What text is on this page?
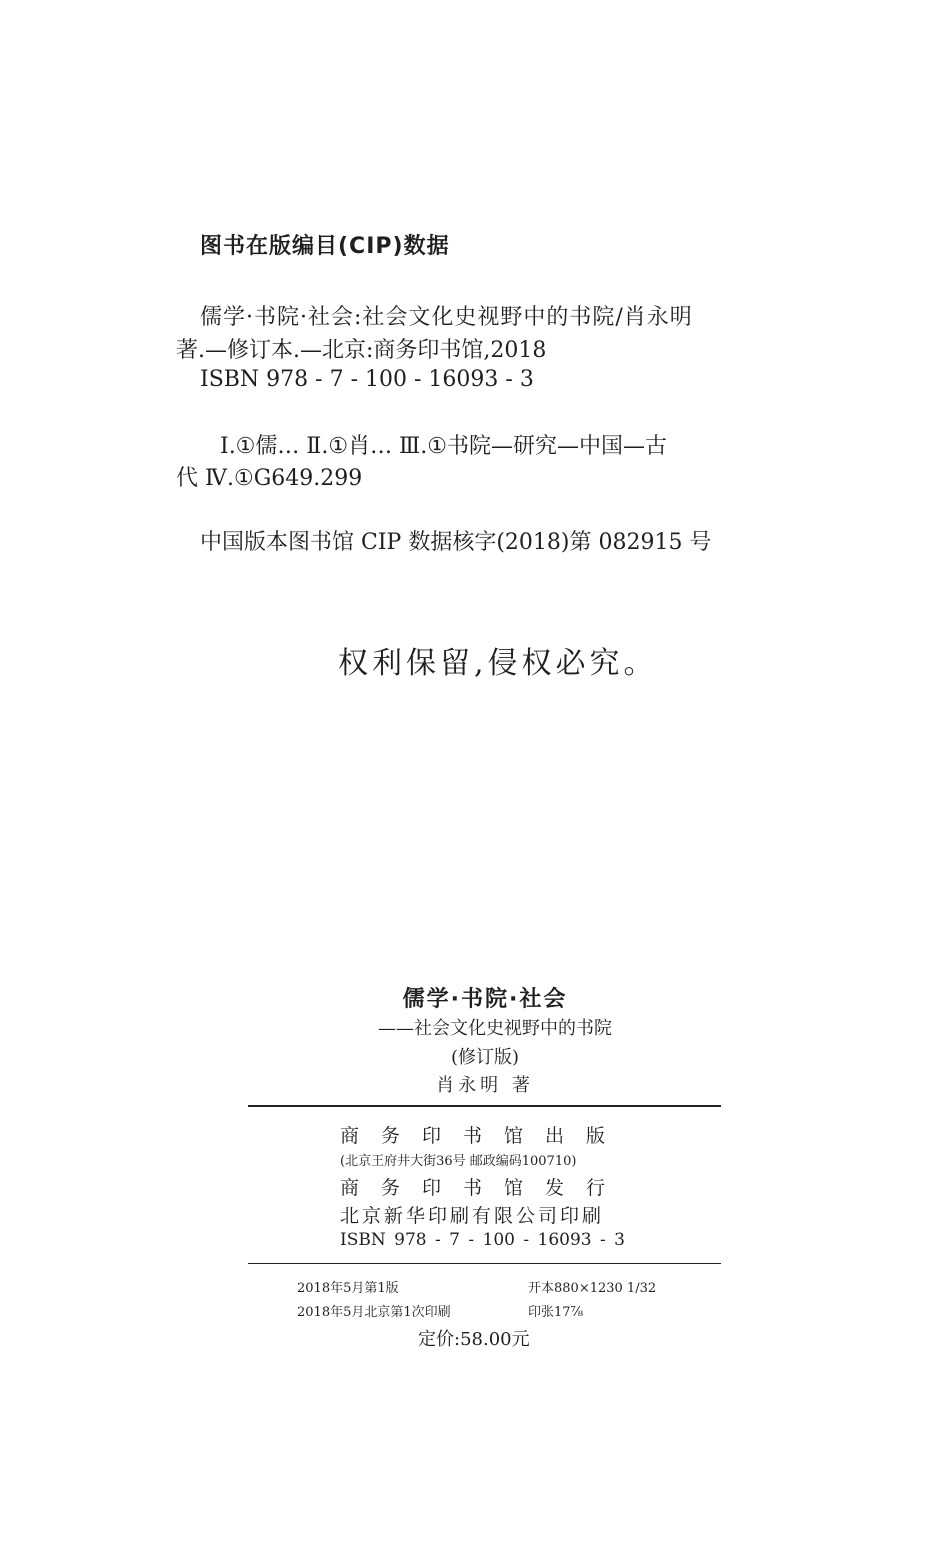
图书在版编目(CIP)数据
儒学·书院·社会:社会文化史视野中的书院/肖永明
著.—修订本.—北京:商务印书馆,2018
ISBN 978 - 7 - 100 - 16093 - 3
Ⅰ.①儒… Ⅱ.①肖… Ⅲ.①书院—研究—中国—古
代 Ⅳ.①G649.299
中国版本图书馆 CIP 数据核字(2018)第 082915 号
权利保留,侵权必究。
儒学·书院·社会
——社会文化史视野中的书院
(修订版)
肖永明 著
商务印书馆出版
(北京王府井大街36号 邮政编码100710)
商务印书馆发行
北京新华印刷有限公司印刷
ISBN 978 - 7 - 100 - 16093 - 3
2018年5月第1版	开本880×1230 1/32
2018年5月北京第1次印刷	印张17⅞
定价:58.00元
